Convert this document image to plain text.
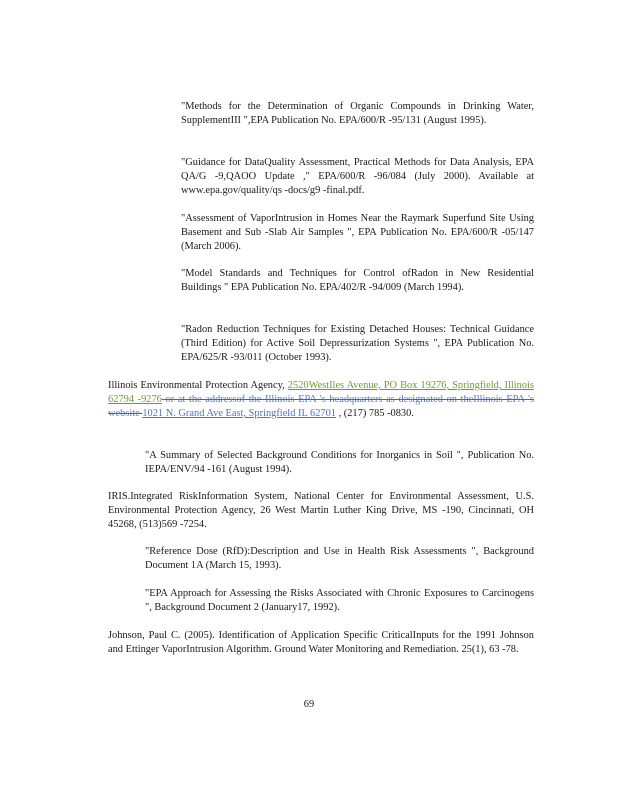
"Methods for the Determination of Organic Compounds in Drinking Water, SupplementIII ",EPA Publication No. EPA/600/R -95/131 (August 1995).

"Guidance for DataQuality Assessment, Practical Methods for Data Analysis, EPA QA/G -9,QAOO Update ," EPA/600/R -96/084 (July 2000). Available at www.epa.gov/quality/qs -docs/g9 -final.pdf.

"Assessment of VaporIntrusion in Homes Near the Raymark Superfund Site Using Basement and Sub -Slab Air Samples ", EPA Publication No. EPA/600/R -05/147 (March 2006).

"Model Standards and Techniques for Control ofRadon in New Residential Buildings " EPA Publication No. EPA/402/R -94/009 (March 1994).

"Radon Reduction Techniques for Existing Detached Houses: Technical Guidance (Third Edition) for Active Soil Depressurization Systems ", EPA Publication No. EPA/625/R -93/011 (October 1993).

Illinois Environmental Protection Agency, 2520WestIles Avenue, PO Box 19276, Springfield, Illinois 62794 -9276 or at the addressof the Illinois EPA 's headquarters as designated on theIllinois EPA 's website 1021 N. Grand Ave East, Springfield IL 62701 , (217) 785 -0830.

"A Summary of Selected Background Conditions for Inorganics in Soil ", Publication No. IEPA/ENV/94 -161 (August 1994).

IRIS.Integrated RiskInformation System, National Center for Environmental Assessment, U.S. Environmental Protection Agency, 26 West Martin Luther King Drive, MS -190, Cincinnati, OH 45268, (513)569 -7254.

"Reference Dose (RfD):Description and Use in Health Risk Assessments ", Background Document 1A (March 15, 1993).

"EPA Approach for Assessing the Risks Associated with Chronic Exposures to Carcinogens ", Background Document 2 (January17, 1992).

Johnson, Paul C. (2005). Identification of Application Specific CriticalInputs for the 1991 Johnson and Ettinger VaporIntrusion Algorithm. Ground Water Monitoring and Remediation. 25(1), 63 -78.

69
